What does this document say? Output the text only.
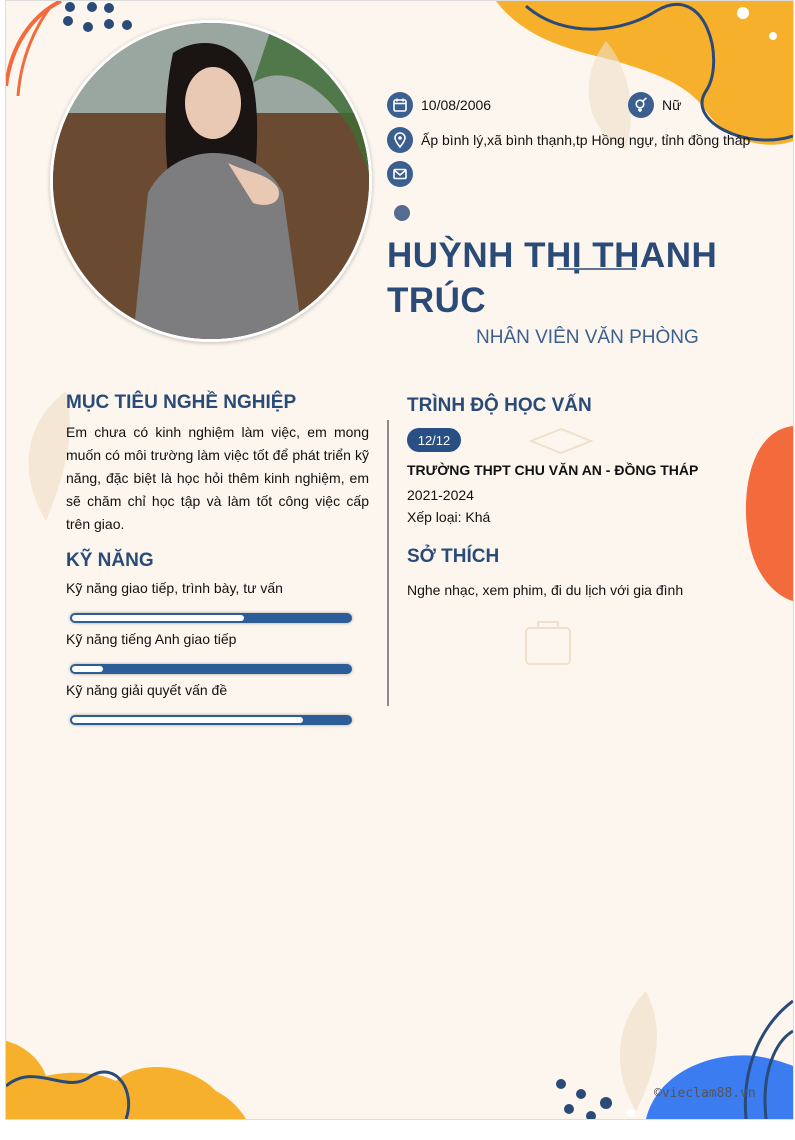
10/08/2006	Nữ
Ấp bình lý,xã bình thạnh,tp Hồng ngự, tỉnh đồng tháp
HUỲNH THỊ THANH TRÚC
NHÂN VIÊN VĂN PHÒNG
MỤC TIÊU NGHỀ NGHIỆP
Em chưa có kinh nghiệm làm việc, em mong muốn có môi trường làm việc tốt để phát triển kỹ năng, đặc biệt là học hỏi thêm kinh nghiệm, em sẽ chăm chỉ học tập và làm tốt công việc cấp trên giao.
KỸ NĂNG
Kỹ năng giao tiếp, trình bày, tư vấn
Kỹ năng tiếng Anh giao tiếp
Kỹ năng giải quyết vấn đề
TRÌNH ĐỘ HỌC VẤN
12/12
TRƯỜNG THPT CHU VĂN AN - ĐỒNG THÁP
2021-2024
Xếp loại: Khá
SỞ THÍCH
Nghe nhạc, xem phim, đi du lịch với gia đình
©vieclam88.vn
